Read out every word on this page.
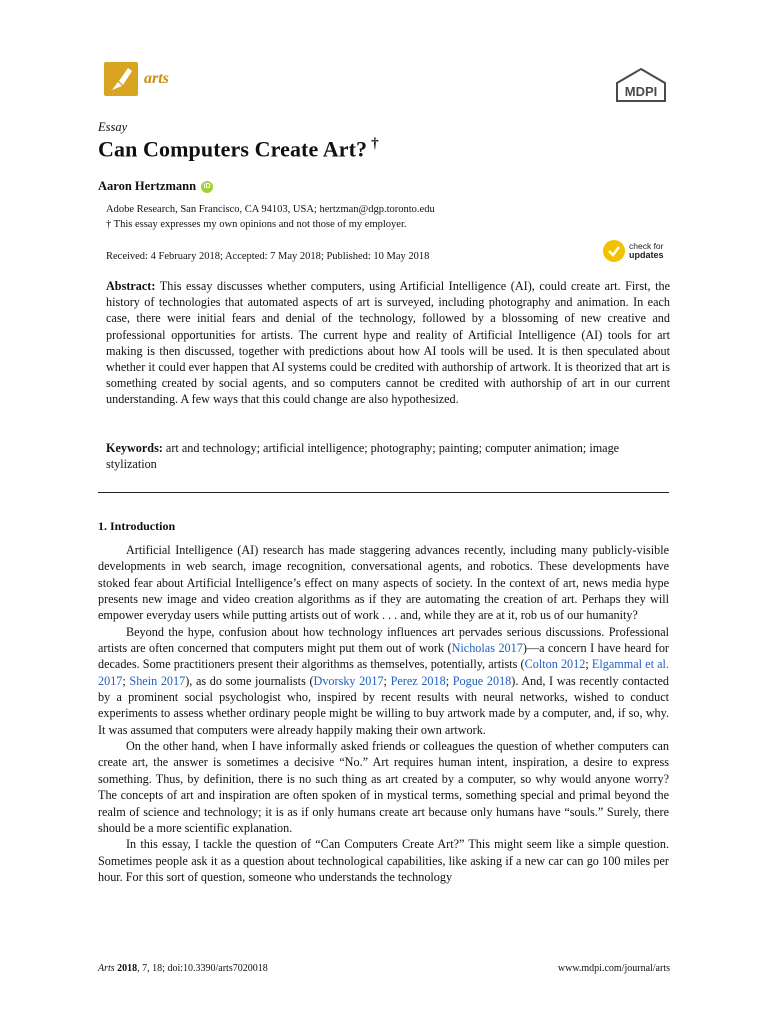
arts
MDPI
Essay
Can Computers Create Art? †
Aaron Hertzmann	iD
Adobe Research, San Francisco, CA 94103, USA; hertzman@dgp.toronto.edu
† This essay expresses my own opinions and not those of my employer.
Received: 4 February 2018; Accepted: 7 May 2018; Published: 10 May 2018
check for
updates
Abstract: This essay discusses whether computers, using Artificial Intelligence (AI), could create art. First, the history of technologies that automated aspects of art is surveyed, including photography and animation. In each case, there were initial fears and denial of the technology, followed by a blossoming of new creative and professional opportunities for artists. The current hype and reality of Artificial Intelligence (AI) tools for art making is then discussed, together with predictions about how AI tools will be used. It is then speculated about whether it could ever happen that AI systems could be credited with authorship of artwork. It is theorized that art is something created by social agents, and so computers cannot be credited with authorship of art in our current understanding. A few ways that this could change are also hypothesized.
Keywords: art and technology; artificial intelligence; photography; painting; computer animation; image stylization
1. Introduction

Artificial Intelligence (AI) research has made staggering advances recently, including many publicly-visible developments in web search, image recognition, conversational agents, and robotics. These developments have stoked fear about Artificial Intelligence’s effect on many aspects of society. In the context of art, news media hype presents new image and video creation algorithms as if they are automating the creation of art. Perhaps they will empower everyday users while putting artists out of work . . . and, while they are at it, rob us of our humanity?

Beyond the hype, confusion about how technology influences art pervades serious discussions. Professional artists are often concerned that computers might put them out of work (Nicholas 2017)—a concern I have heard for decades. Some practitioners present their algorithms as themselves, potentially, artists (Colton 2012; Elgammal et al. 2017; Shein 2017), as do some journalists (Dvorsky 2017; Perez 2018; Pogue 2018). And, I was recently contacted by a prominent social psychologist who, inspired by recent results with neural networks, wished to conduct experiments to assess whether ordinary people might be willing to buy artwork made by a computer, and, if so, why. It was assumed that computers were already happily making their own artwork.

On the other hand, when I have informally asked friends or colleagues the question of whether computers can create art, the answer is sometimes a decisive “No.” Art requires human intent, inspiration, a desire to express something. Thus, by definition, there is no such thing as art created by a computer, so why would anyone worry? The concepts of art and inspiration are often spoken of in mystical terms, something special and primal beyond the realm of science and technology; it is as if only humans create art because only humans have “souls.” Surely, there should be a more scientific explanation.

In this essay, I tackle the question of “Can Computers Create Art?” This might seem like a simple question. Sometimes people ask it as a question about technological capabilities, like asking if a new car can go 100 miles per hour. For this sort of question, someone who understands the technology

Arts 2018, 7, 18; doi:10.3390/arts7020018	www.mdpi.com/journal/arts
